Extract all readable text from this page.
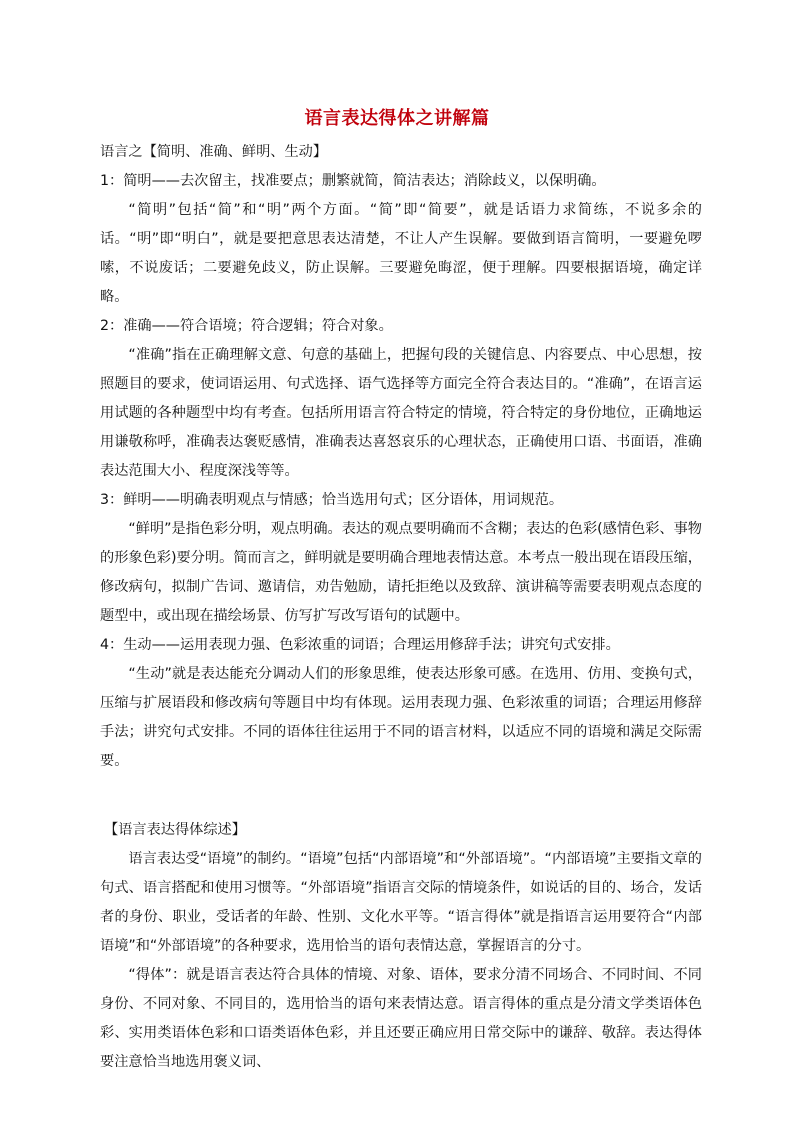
语言表达得体之讲解篇

语言之【简明、准确、鲜明、生动】

1：简明——去次留主，找准要点；删繁就简，简洁表达；消除歧义，以保明确。

“简明”包括“简”和“明”两个方面。“简”即“简要”，就是话语力求简练，不说多余的话。“明”即“明白”，就是要把意思表达清楚，不让人产生误解。要做到语言简明，一要避免啰嗦，不说废话；二要避免歧义，防止误解。三要避免晦涩，便于理解。四要根据语境，确定详略。

2：准确——符合语境；符合逻辑；符合对象。

“准确”指在正确理解文意、句意的基础上，把握句段的关键信息、内容要点、中心思想，按照题目的要求，使词语运用、句式选择、语气选择等方面完全符合表达目的。“准确”，在语言运用试题的各种题型中均有考查。包括所用语言符合特定的情境，符合特定的身份地位，正确地运用谦敬称呼，准确表达褒贬感情，准确表达喜怒哀乐的心理状态，正确使用口语、书面语，准确表达范围大小、程度深浅等等。

3：鲜明——明确表明观点与情感；恰当选用句式；区分语体，用词规范。

“鲜明”是指色彩分明，观点明确。表达的观点要明确而不含糊；表达的色彩(感情色彩、事物的形象色彩)要分明。简而言之，鲜明就是要明确合理地表情达意。本考点一般出现在语段压缩，修改病句，拟制广告词、邀请信，劝告勉励，请托拒绝以及致辞、演讲稿等需要表明观点态度的题型中，或出现在描绘场景、仿写扩写改写语句的试题中。

4：生动——运用表现力强、色彩浓重的词语；合理运用修辞手法；讲究句式安排。

“生动”就是表达能充分调动人们的形象思维，使表达形象可感。在选用、仿用、变换句式，压缩与扩展语段和修改病句等题目中均有体现。运用表现力强、色彩浓重的词语；合理运用修辞手法；讲究句式安排。不同的语体往往运用于不同的语言材料，以适应不同的语境和满足交际需要。

【语言表达得体综述】

语言表达受“语境”的制约。“语境”包括“内部语境”和“外部语境”。“内部语境”主要指文章的句式、语言搭配和使用习惯等。“外部语境”指语言交际的情境条件，如说话的目的、场合，发话者的身份、职业，受话者的年龄、性别、文化水平等。“语言得体”就是指语言运用要符合“内部语境”和“外部语境”的各种要求，选用恰当的语句表情达意，掌握语言的分寸。

“得体”：就是语言表达符合具体的情境、对象、语体，要求分清不同场合、不同时间、不同身份、不同对象、不同目的，选用恰当的语句来表情达意。语言得体的重点是分清文学类语体色彩、实用类语体色彩和口语类语体色彩，并且还要正确应用日常交际中的谦辞、敬辞。表达得体要注意恰当地选用褒义词、
